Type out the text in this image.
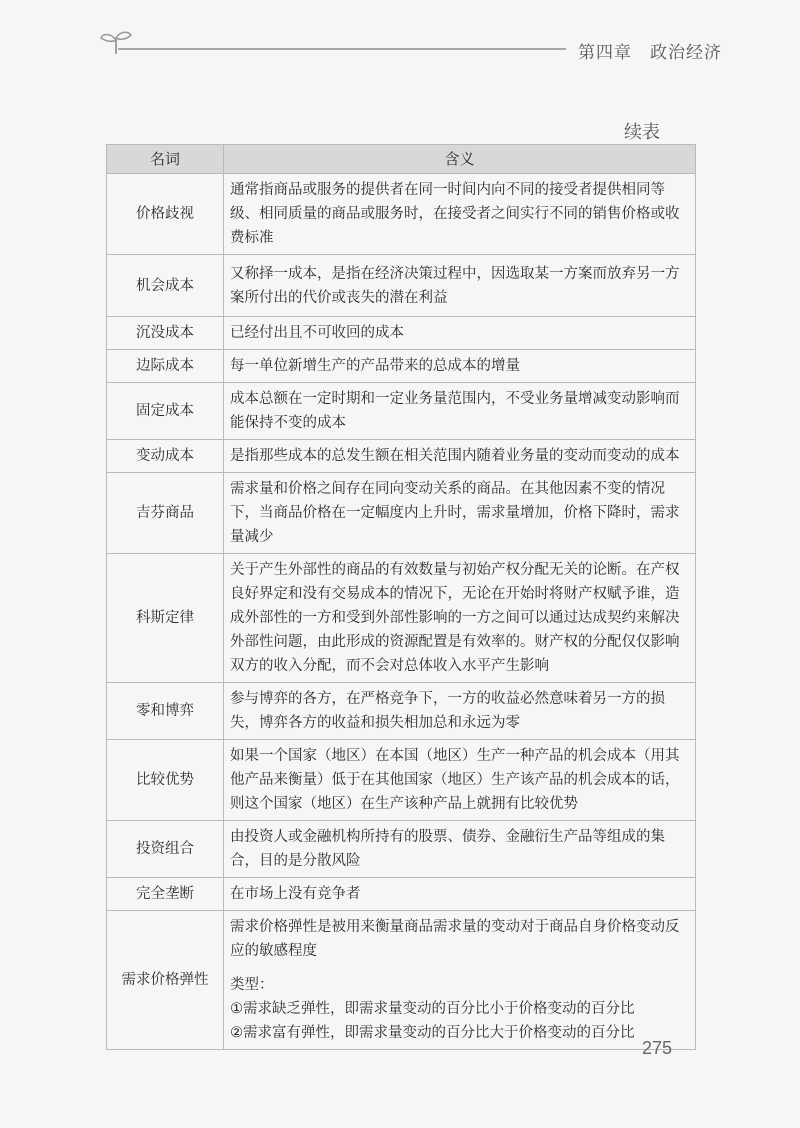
第四章　政治经济
续表
名词	含义
价格歧视	通常指商品或服务的提供者在同一时间内向不同的接受者提供相同等级、相同质量的商品或服务时，在接受者之间实行不同的销售价格或收费标准

机会成本	又称择一成本，是指在经济决策过程中，因选取某一方案而放弃另一方案所付出的代价或丧失的潜在利益

沉没成本	已经付出且不可收回的成本

边际成本	每一单位新增生产的产品带来的总成本的增量

固定成本	成本总额在一定时期和一定业务量范围内，不受业务量增减变动影响而能保持不变的成本

变动成本	是指那些成本的总发生额在相关范围内随着业务量的变动而变动的成本

吉芬商品	需求量和价格之间存在同向变动关系的商品。在其他因素不变的情况下，当商品价格在一定幅度内上升时，需求量增加，价格下降时，需求量减少

科斯定律	关于产生外部性的商品的有效数量与初始产权分配无关的论断。在产权良好界定和没有交易成本的情况下，无论在开始时将财产权赋予谁，造成外部性的一方和受到外部性影响的一方之间可以通过达成契约来解决外部性问题，由此形成的资源配置是有效率的。财产权的分配仅仅影响双方的收入分配，而不会对总体收入水平产生影响

零和博弈	参与博弈的各方，在严格竞争下，一方的收益必然意味着另一方的损失，博弈各方的收益和损失相加总和永远为零

比较优势	如果一个国家（地区）在本国（地区）生产一种产品的机会成本（用其他产品来衡量）低于在其他国家（地区）生产该产品的机会成本的话，则这个国家（地区）在生产该种产品上就拥有比较优势

投资组合	由投资人或金融机构所持有的股票、债券、金融衍生产品等组成的集合，目的是分散风险

完全垄断	在市场上没有竞争者

需求价格弹性	需求价格弹性是被用来衡量商品需求量的变动对于商品自身价格变动反应的敏感程度
类型：
①需求缺乏弹性，即需求量变动的百分比小于价格变动的百分比
②需求富有弹性，即需求量变动的百分比大于价格变动的百分比
275
